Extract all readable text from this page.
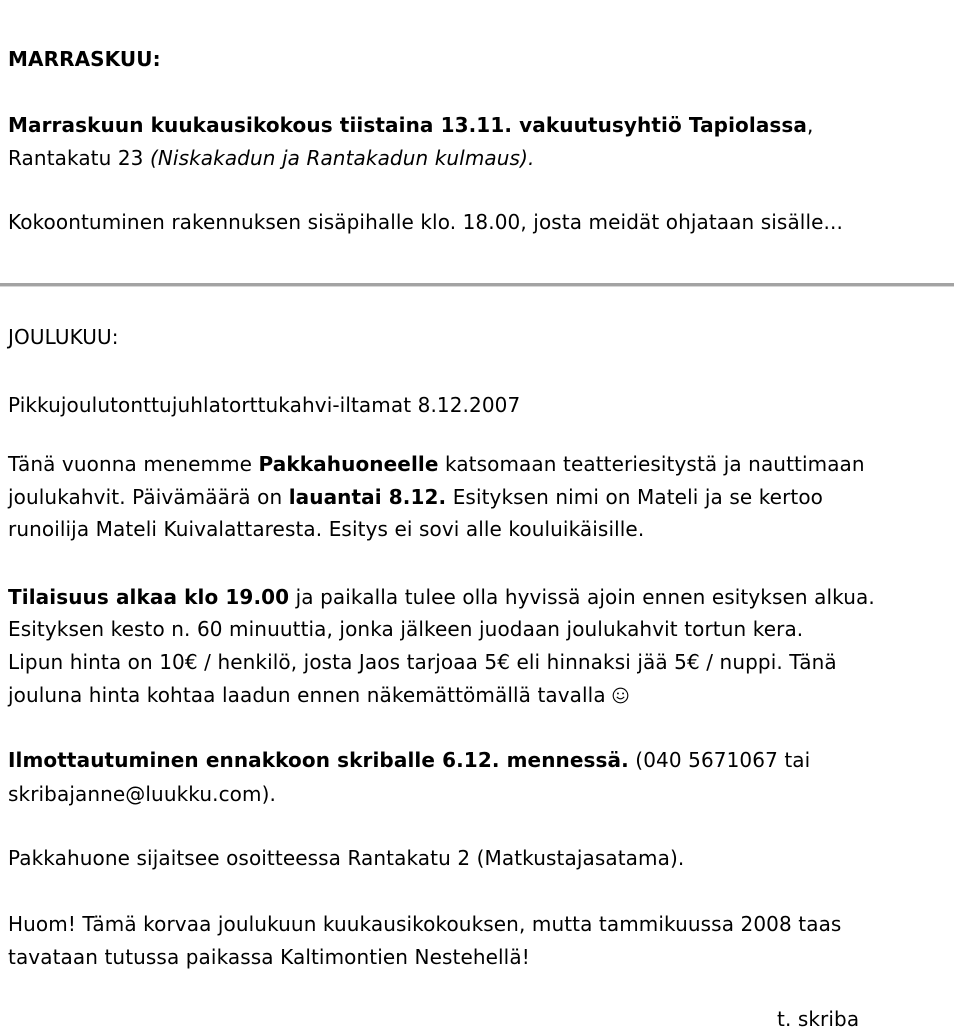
MARRASKUU:
Marraskuun kuukausikokous tiistaina 13.11. vakuutusyhtiö Tapiolassa,
Rantakatu 23 (Niskakadun ja Rantakadun kulmaus).
Kokoontuminen rakennuksen sisäpihalle klo. 18.00, josta meidät ohjataan sisälle...
JOULUKUU:
Pikkujoulutonttujuhlatorttukahvi-iltamat 8.12.2007
Tänä vuonna menemme Pakkahuoneelle katsomaan teatteriesitystä ja nauttimaan
joulukahvit. Päivämäärä on lauantai 8.12. Esityksen nimi on Mateli ja se kertoo
runoilija Mateli Kuivalattaresta. Esitys ei sovi alle kouluikäisille.
Tilaisuus alkaa klo 19.00 ja paikalla tulee olla hyvissä ajoin ennen esityksen alkua.
Esityksen kesto n. 60 minuuttia, jonka jälkeen juodaan joulukahvit tortun kera.
Lipun hinta on 10€ / henkilö, josta Jaos tarjoaa 5€ eli hinnaksi jää 5€ / nuppi. Tänä
jouluna hinta kohtaa laadun ennen näkemättömällä tavalla
Ilmottautuminen ennakkoon skriballe 6.12. mennessä. (040 5671067 tai
skribajanne@luukku.com).
Pakkahuone sijaitsee osoitteessa Rantakatu 2 (Matkustajasatama).
Huom! Tämä korvaa joulukuun kuukausikokouksen, mutta tammikuussa 2008 taas
tavataan tutussa paikassa Kaltimontien Nestehellä!
t. skriba
